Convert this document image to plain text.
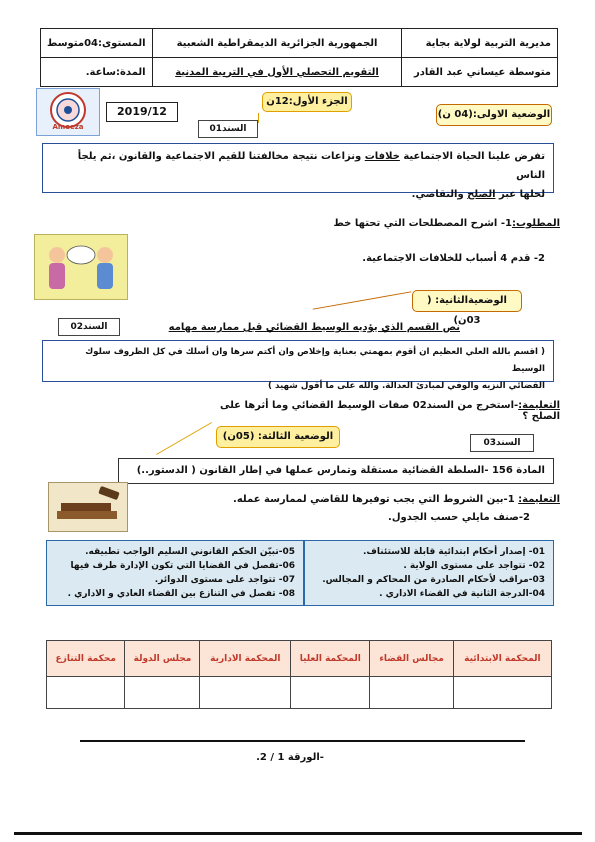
مديرية التربية لولاية بجاية	الجمهورية الجزائرية الديمقراطية الشعبية	المستوى:04متوسط
متوسطة عيساني عبد القادر	التقويم التحصلي الأول في التربية المدنية	المدة:ساعة.
Ameeza
2019/12
الجزء الأول:12ن
السند01
الوضعية الاولى:(04 ن)
تفرض علينا الحياة الاجتماعية خلافات ونزاعات نتيجة مخالفتنا للقيم الاجتماعية والقانون ،ثم يلجأ الناس
لحلها عبر الصلح والتقاضي.
المطلوب:1- اشرح المصطلحات التي تحتها خط
2- قدم 4 أسباب للخلافات الاجتماعية.
الوضعيةالثانية: ( 03ن)
السند02	نص القسم الذي يؤديه الوسيط القضائي قبل ممارسة مهامه
( اقسم بالله العلي العظيم ان أقوم بمهمتي بعناية وإخلاص وان أكتم سرها وان أسلك في كل الظروف سلوك الوسيط
القضائي النزيه والوفي لمبادئ العدالة. والله على ما أقول شهيد )
التعليمة:-استخرج من السند02 صفات الوسيط القضائي وما أثرها على الصلح ؟
الوضعية الثالثة: (05ن)
السند03
المادة 156 -السلطة القضائية مستقلة وتمارس عملها في إطار القانون ( الدستور..)
التعليمة: 1-بين الشروط التي يجب توفيرها للقاضي لممارسة عمله.
2-صنف مايلي حسب الجدول.
01- إصدار أحكام ابتدائية قابلة للاستئناف.
02- تتواجد على مستوى الولاية .
03-مراقب لأحكام الصادرة من المحاكم و المجالس.
04-الدرجة الثانية في القضاء الاداري .
05-تبيّن الحكم القانوني السليم الواجب تطبيقه.
06-تفصل في القضايا التي تكون الإدارة طرف فيها
07- تتواجد على مستوى الدوائر.
08- تفصل في التنازع بين القضاء العادي و الاداري .
المحكمة الابتدائية	مجالس القضاء	المحكمة العليا	المحكمة الادارية	مجلس الدولة	محكمة التنازع

-الورقة 1 / 2.
